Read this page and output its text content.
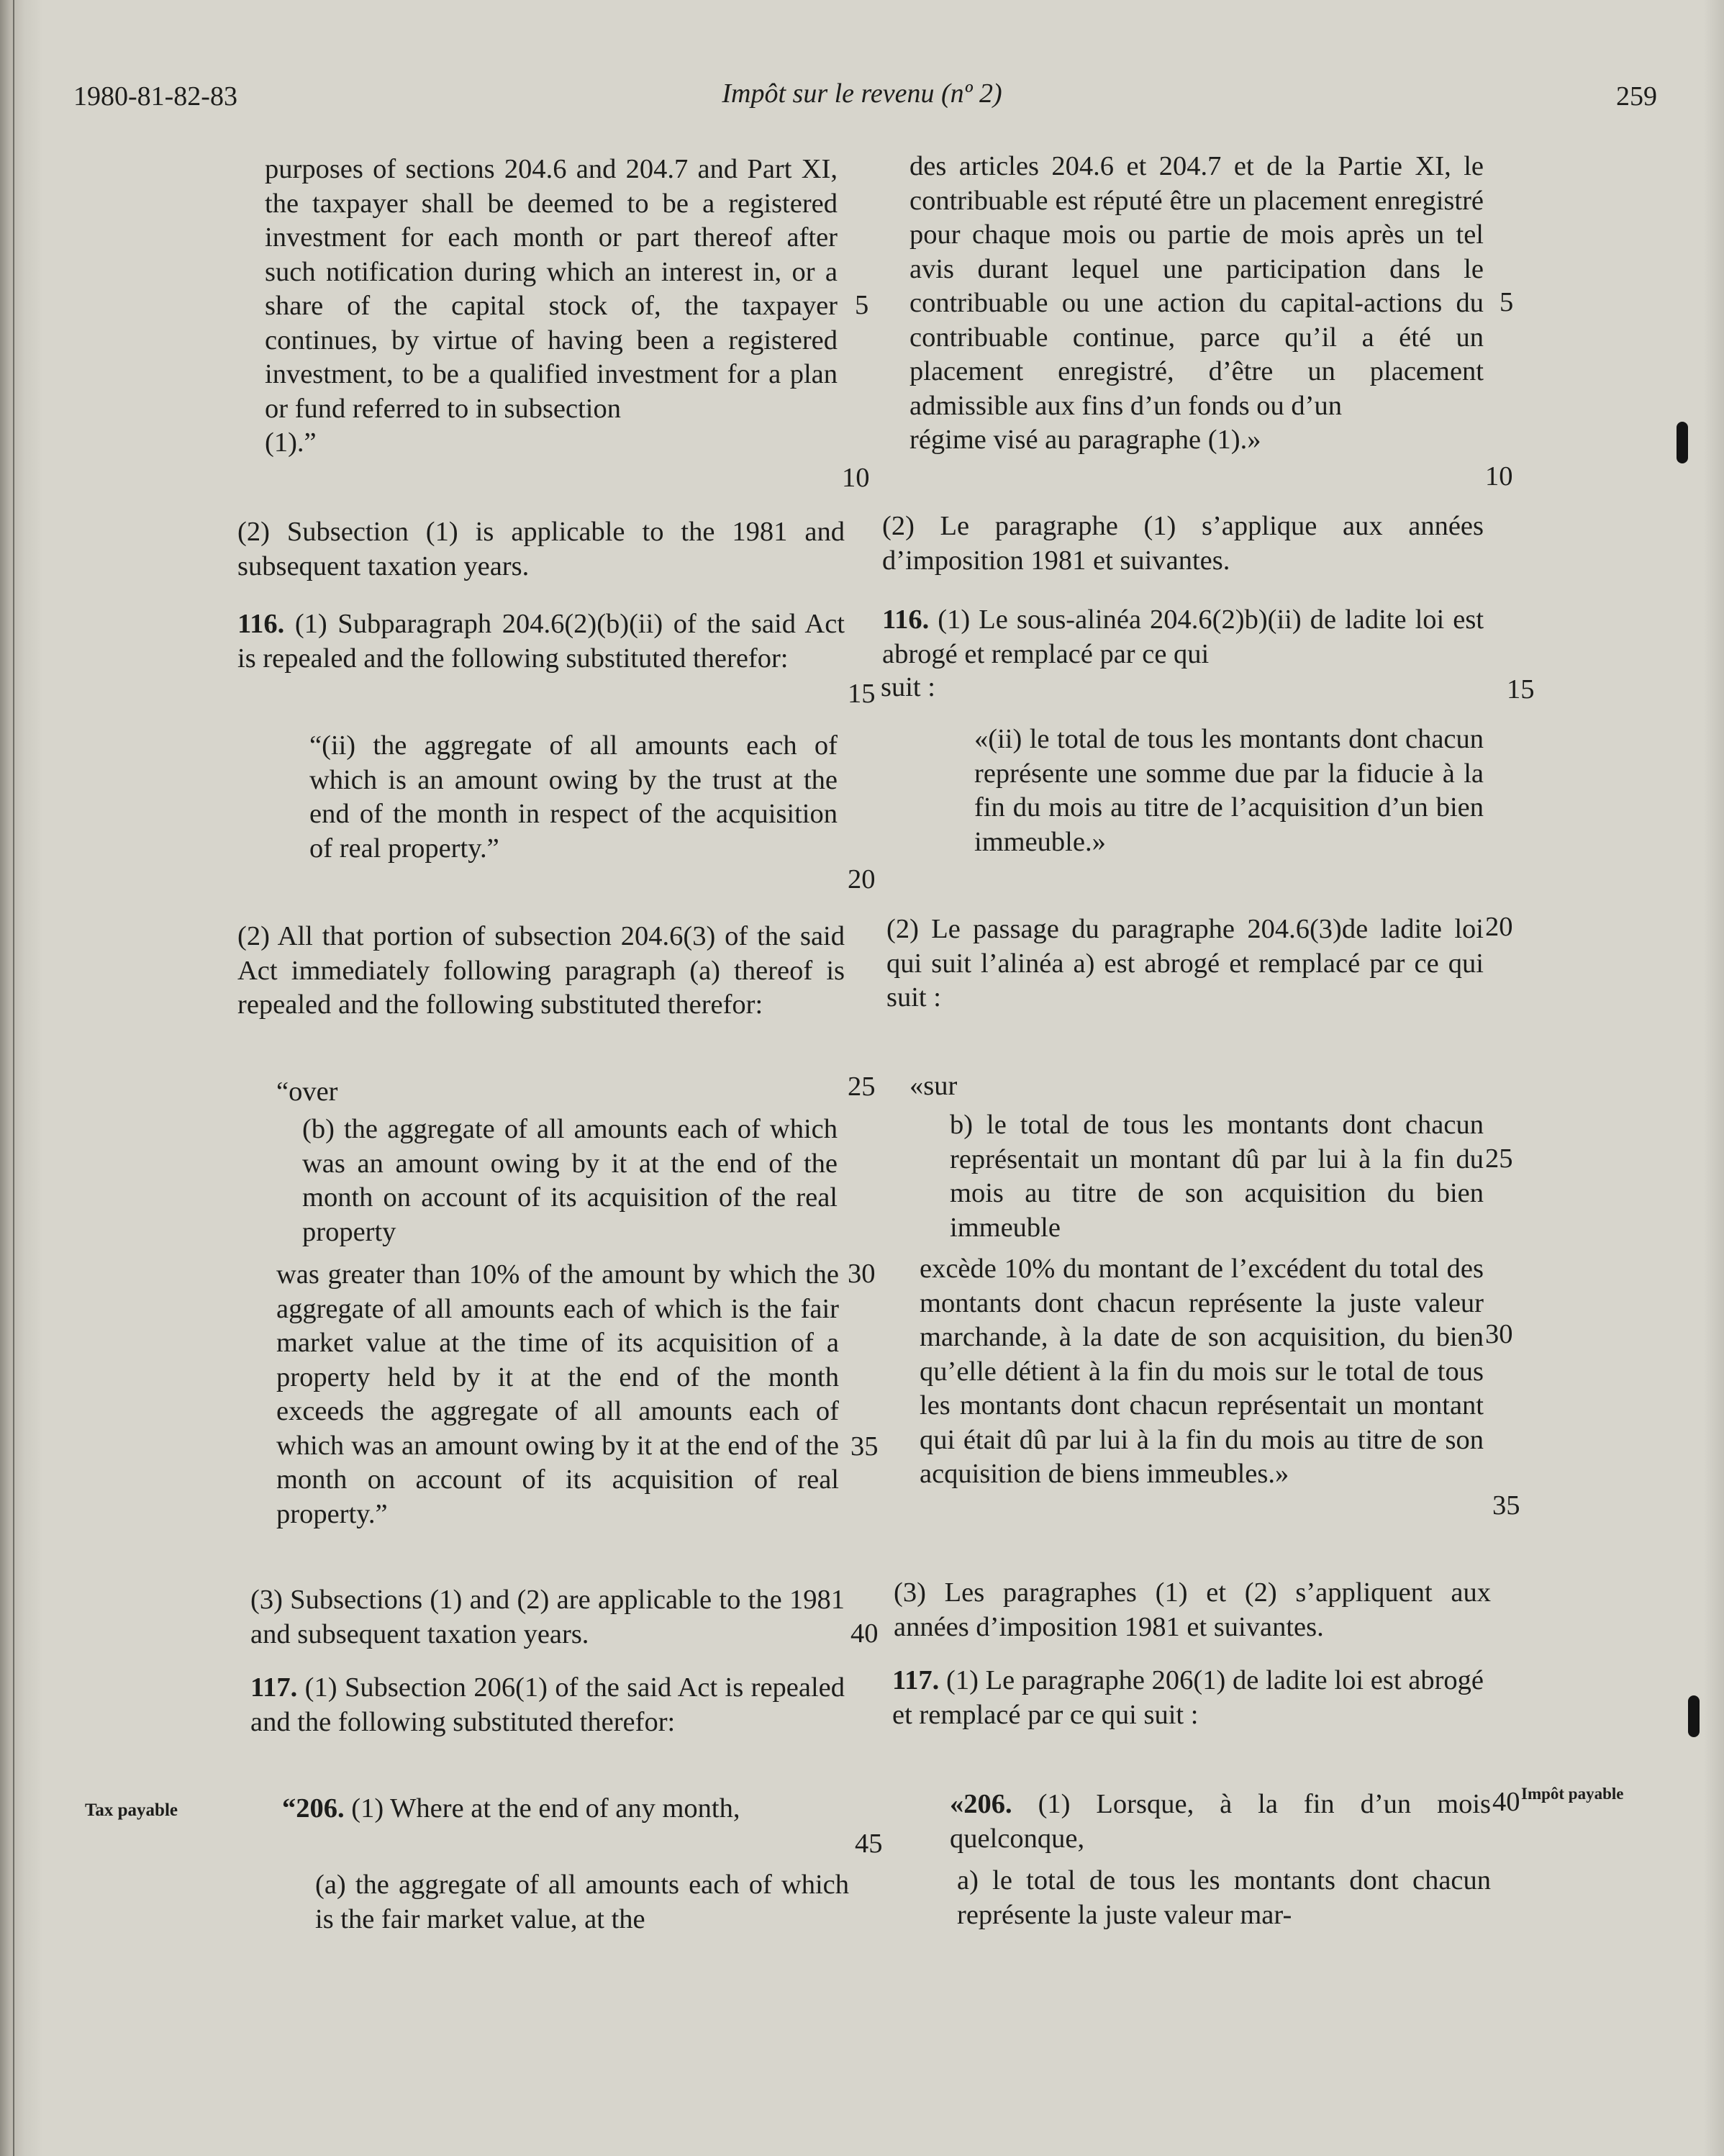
1980-81-82-83	Impôt sur le revenu (nº 2)	259

purposes of sections 204.6 and 204.7 and Part XI, the taxpayer shall be deemed to be a registered investment for each month or part thereof after such notification during which an interest in, or a share of the capital stock of, the taxpayer continues, by virtue of having been a registered investment, to be a qualified investment for a plan or fund referred to in subsection
(1).”

(2) Subsection (1) is applicable to the 1981 and subsequent taxation years.

116. (1) Subparagraph 204.6(2)(b)(ii) of the said Act is repealed and the following substituted therefor:

“(ii) the aggregate of all amounts each of which is an amount owing by the trust at the end of the month in respect of the acquisition of real property.”

(2) All that portion of subsection 204.6(3) of the said Act immediately following paragraph (a) thereof is repealed and the following substituted therefor:

“over

(b) the aggregate of all amounts each of which was an amount owing by it at the end of the month on account of its acquisition of the real property

was greater than 10% of the amount by which the aggregate of all amounts each of which is the fair market value at the time of its acquisition of a property held by it at the end of the month exceeds the aggregate of all amounts each of which was an amount owing by it at the end of the month on account of its acquisition of real property.”

(3) Subsections (1) and (2) are applicable to the 1981 and subsequent taxation years.

117. (1) Subsection 206(1) of the said Act is repealed and the following substituted therefor:

“206. (1) Where at the end of any month,

(a) the aggregate of all amounts each of which is the fair market value, at the

des articles 204.6 et 204.7 et de la Partie XI, le contribuable est réputé être un placement enregistré pour chaque mois ou partie de mois après un tel avis durant lequel une participation dans le contribuable ou une action du capital-actions du contribuable continue, parce qu’il a été un placement enregistré, d’être un placement admissible aux fins d’un fonds ou d’un
régime visé au paragraphe (1).»

(2) Le paragraphe (1) s’applique aux années d’imposition 1981 et suivantes.

116. (1) Le sous-alinéa 204.6(2)b)(ii) de ladite loi est abrogé et remplacé par ce qui

suit :

«(ii) le total de tous les montants dont chacun représente une somme due par la fiducie à la fin du mois au titre de l’acquisition d’un bien immeuble.»

(2) Le passage du paragraphe 204.6(3)de ladite loi qui suit l’alinéa a) est abrogé et remplacé par ce qui suit :

«sur

b) le total de tous les montants dont chacun représentait un montant dû par lui à la fin du mois au titre de son acquisition du bien immeuble

excède 10% du montant de l’excédent du total des montants dont chacun représente la juste valeur marchande, à la date de son acquisition, du bien qu’elle détient à la fin du mois sur le total de tous les montants dont chacun représentait un montant qui était dû par lui à la fin du mois au titre de son acquisition de biens immeubles.»

(3) Les paragraphes (1) et (2) s’appliquent aux années d’imposition 1981 et suivantes.

117. (1) Le paragraphe 206(1) de ladite loi est abrogé et remplacé par ce qui suit :

«206. (1) Lorsque, à la fin d’un mois quelconque,

a) le total de tous les montants dont chacun représente la juste valeur mar-

5
10
15
20
25
30
35
40
45
5
10
15
20
25
30
35
40
Tax payable
Impôt payable
